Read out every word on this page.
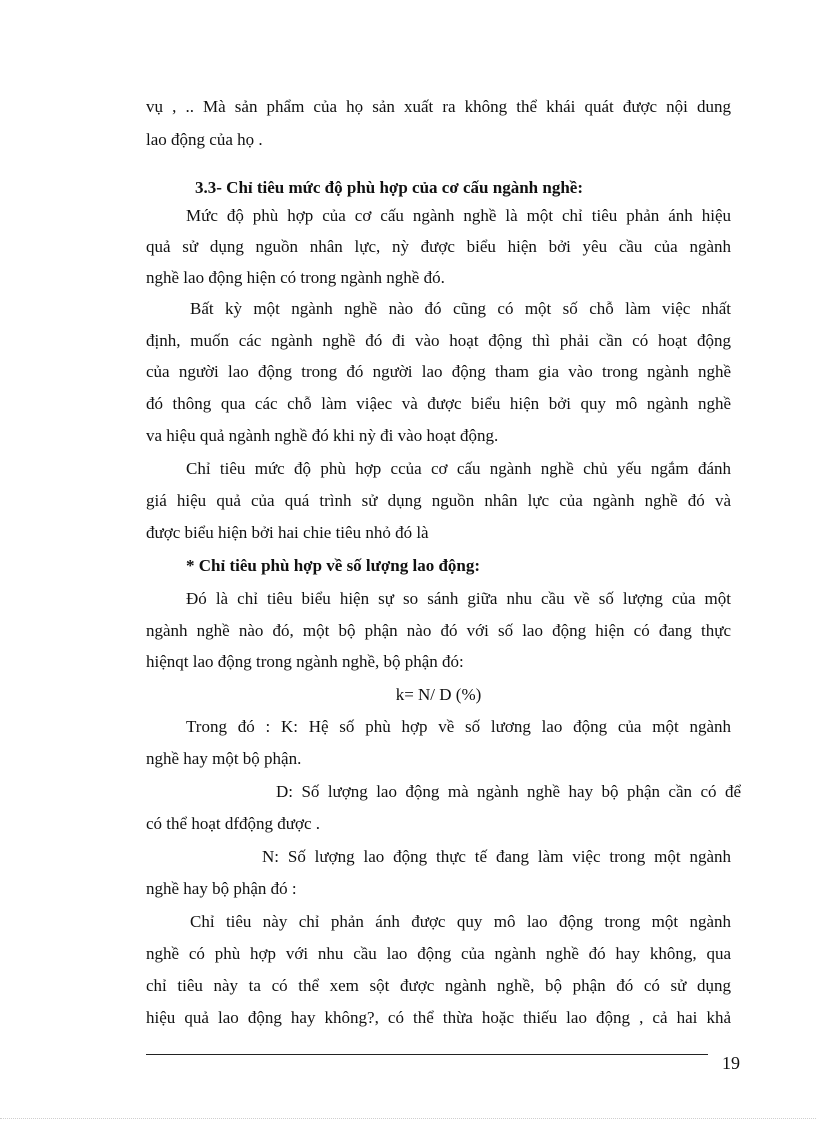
vụ , .. Mà sản phẩm của họ sản xuất ra không thể khái quát được nội dung
lao động của họ .
3.3- Chỉ tiêu mức độ phù hợp của cơ cấu ngành nghề:
Mức độ phù hợp của cơ cấu ngành nghề là một chỉ tiêu phản ánh hiệu
quả sử dụng nguồn nhân lực, nỳ được biểu hiện bởi yêu cầu của ngành
nghề lao động hiện có trong ngành nghề đó.
Bất kỳ một ngành nghề nào đó cũng có một số chỗ làm việc nhất
định, muốn các ngành nghề đó đi vào hoạt động thì phải cần có hoạt động
của người lao động trong đó người lao động tham gia vào trong ngành nghề
đó thông qua các chỗ làm viậec và được biểu hiện bởi quy mô ngành nghề
va hiệu quả ngành nghề đó khi nỳ đi vào hoạt động.
Chỉ tiêu mức độ phù hợp ccủa cơ cấu ngành nghề chủ yếu ngắm đánh
giá hiệu quả của quá trình sử dụng nguồn nhân lực của ngành nghề đó và
được biểu hiện bởi hai chie tiêu nhỏ đó là
* Chỉ tiêu phù hợp về số lượng lao động:
Đó là chỉ tiêu biểu hiện sự so sánh giữa nhu cầu về số lượng của một
ngành nghề nào đó, một bộ phận nào đó với số lao động hiện có đang thực
hiệnqt lao động trong ngành nghề, bộ phận đó:
k= N/ D (%)
Trong đó : K: Hệ số phù hợp về số lương lao động của một ngành
nghề hay một bộ phận.
D: Số lượng lao động mà ngành nghề hay bộ phận cần có để
có thể hoạt dfđộng được .
N: Số lượng lao động thực tế đang làm việc trong một ngành
nghề hay bộ phận đó :
Chỉ tiêu này chỉ phản ánh được quy mô lao động trong một ngành
nghề có phù hợp với nhu cầu lao động của ngành nghề đó hay không, qua
chỉ tiêu này ta có thể xem sột được ngành nghề, bộ phận đó có sử dụng
hiệu quả lao động hay không?, có thể thừa hoặc thiếu lao động , cả hai khả
19
